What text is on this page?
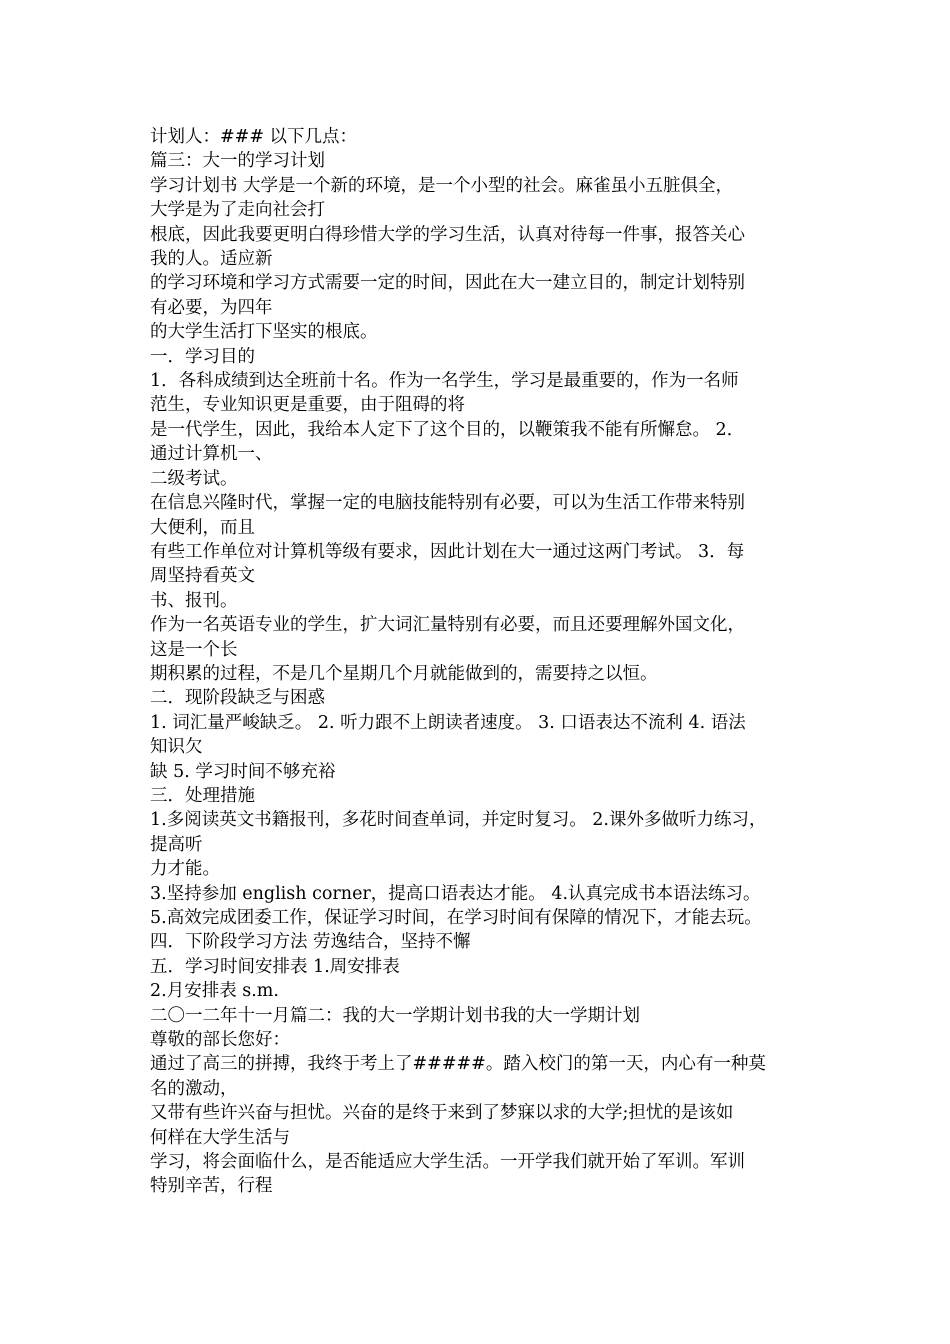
计划人：### 以下几点：
篇三：大一的学习计划
学习计划书 大学是一个新的环境，是一个小型的社会。麻雀虽小五脏俱全，
大学是为了走向社会打
根底，因此我要更明白得珍惜大学的学习生活，认真对待每一件事，报答关心
我的人。适应新
的学习环境和学习方式需要一定的时间，因此在大一建立目的，制定计划特别
有必要，为四年
的大学生活打下坚实的根底。
一．学习目的
1．各科成绩到达全班前十名。作为一名学生，学习是最重要的，作为一名师
范生，专业知识更是重要，由于阻碍的将
是一代学生，因此，我给本人定下了这个目的，以鞭策我不能有所懈怠。 2．
通过计算机一、
二级考试。
在信息兴隆时代，掌握一定的电脑技能特别有必要，可以为生活工作带来特别
大便利，而且
有些工作单位对计算机等级有要求，因此计划在大一通过这两门考试。 3．每
周坚持看英文
书、报刊。
作为一名英语专业的学生，扩大词汇量特别有必要，而且还要理解外国文化，
这是一个长
期积累的过程，不是几个星期几个月就能做到的，需要持之以恒。
二．现阶段缺乏与困惑
1. 词汇量严峻缺乏。 2. 听力跟不上朗读者速度。 3. 口语表达不流利 4. 语法
知识欠
缺 5. 学习时间不够充裕
三．处理措施
1.多阅读英文书籍报刊，多花时间查单词，并定时复习。 2.课外多做听力练习，
提高听
力才能。
3.坚持参加 english corner，提高口语表达才能。 4.认真完成书本语法练习。
5.高效完成团委工作，保证学习时间，在学习时间有保障的情况下，才能去玩。
四．下阶段学习方法 劳逸结合，坚持不懈
五．学习时间安排表 1.周安排表
2.月安排表 s.m.
二〇一二年十一月篇二：我的大一学期计划书我的大一学期计划
尊敬的部长您好：
通过了高三的拼搏，我终于考上了#####。踏入校门的第一天，内心有一种莫
名的激动，
又带有些许兴奋与担忧。兴奋的是终于来到了梦寐以求的大学;担忧的是该如
何样在大学生活与
学习，将会面临什么，是否能适应大学生活。一开学我们就开始了军训。军训
特别辛苦，行程
